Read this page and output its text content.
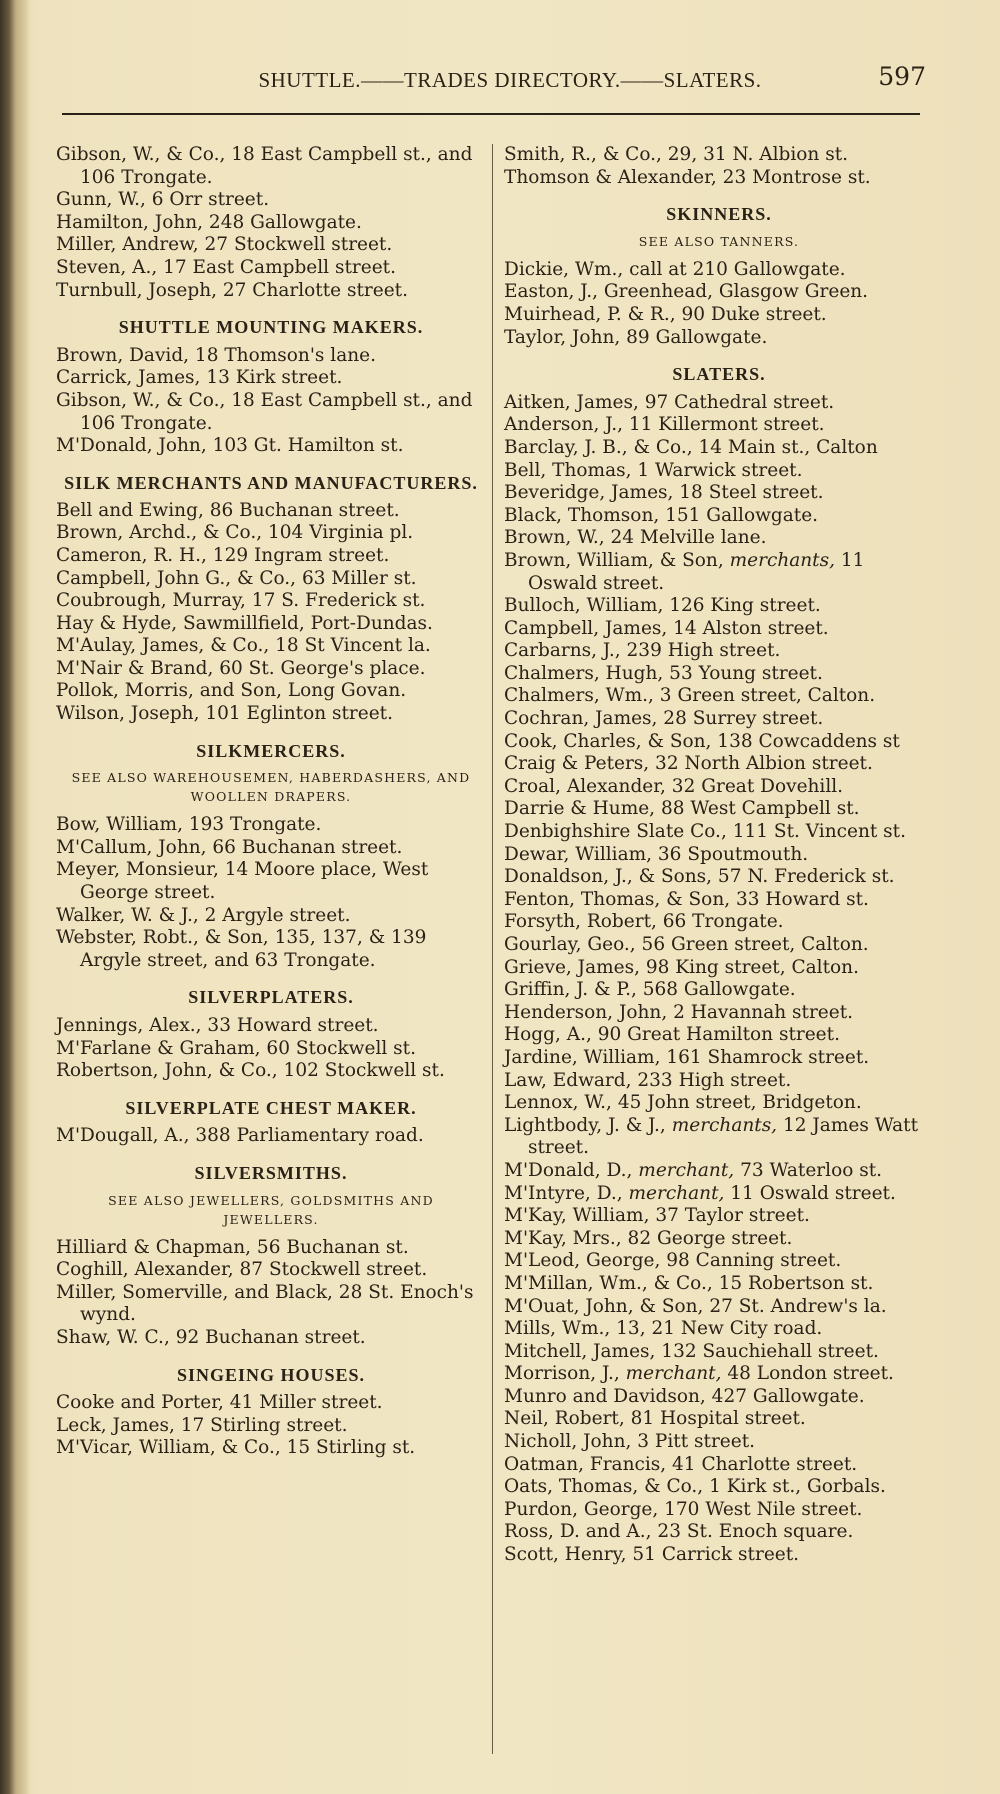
SHUTTLE.——TRADES DIRECTORY.——SLATERS.	597

Gibson, W., & Co., 18 East Campbell st., and 106 Trongate.

Gunn, W., 6 Orr street.

Hamilton, John, 248 Gallowgate.

Miller, Andrew, 27 Stockwell street.

Steven, A., 17 East Campbell street.

Turnbull, Joseph, 27 Charlotte street.

SHUTTLE MOUNTING MAKERS.

Brown, David, 18 Thomson's lane.

Carrick, James, 13 Kirk street.

Gibson, W., & Co., 18 East Campbell st., and 106 Trongate.

M'Donald, John, 103 Gt. Hamilton st.

SILK MERCHANTS AND MANUFACTURERS.

Bell and Ewing, 86 Buchanan street.

Brown, Archd., & Co., 104 Virginia pl.

Cameron, R. H., 129 Ingram street.

Campbell, John G., & Co., 63 Miller st.

Coubrough, Murray, 17 S. Frederick st.

Hay & Hyde, Sawmillfield, Port-Dundas.

M'Aulay, James, & Co., 18 St Vincent la.

M'Nair & Brand, 60 St. George's place.

Pollok, Morris, and Son, Long Govan.

Wilson, Joseph, 101 Eglinton street.

SILKMERCERS.
SEE ALSO WAREHOUSEMEN, HABERDASHERS, AND WOOLLEN DRAPERS.

Bow, William, 193 Trongate.

M'Callum, John, 66 Buchanan street.

Meyer, Monsieur, 14 Moore place, West George street.

Walker, W. & J., 2 Argyle street.

Webster, Robt., & Son, 135, 137, & 139 Argyle street, and 63 Trongate.

SILVERPLATERS.

Jennings, Alex., 33 Howard street.

M'Farlane & Graham, 60 Stockwell st.

Robertson, John, & Co., 102 Stockwell st.

SILVERPLATE CHEST MAKER.

M'Dougall, A., 388 Parliamentary road.

SILVERSMITHS.
SEE ALSO JEWELLERS, GOLDSMITHS AND JEWELLERS.

Hilliard & Chapman, 56 Buchanan st.

Coghill, Alexander, 87 Stockwell street.

Miller, Somerville, and Black, 28 St. Enoch's wynd.

Shaw, W. C., 92 Buchanan street.

SINGEING HOUSES.

Cooke and Porter, 41 Miller street.

Leck, James, 17 Stirling street.

M'Vicar, William, & Co., 15 Stirling st.

Smith, R., & Co., 29, 31 N. Albion st.

Thomson & Alexander, 23 Montrose st.

SKINNERS.
SEE ALSO TANNERS.

Dickie, Wm., call at 210 Gallowgate.

Easton, J., Greenhead, Glasgow Green.

Muirhead, P. & R., 90 Duke street.

Taylor, John, 89 Gallowgate.

SLATERS.

Aitken, James, 97 Cathedral street.

Anderson, J., 11 Killermont street.

Barclay, J. B., & Co., 14 Main st., Calton

Bell, Thomas, 1 Warwick street.

Beveridge, James, 18 Steel street.

Black, Thomson, 151 Gallowgate.

Brown, W., 24 Melville lane.

Brown, William, & Son, merchants, 11 Oswald street.

Bulloch, William, 126 King street.

Campbell, James, 14 Alston street.

Carbarns, J., 239 High street.

Chalmers, Hugh, 53 Young street.

Chalmers, Wm., 3 Green street, Calton.

Cochran, James, 28 Surrey street.

Cook, Charles, & Son, 138 Cowcaddens st

Craig & Peters, 32 North Albion street.

Croal, Alexander, 32 Great Dovehill.

Darrie & Hume, 88 West Campbell st.

Denbighshire Slate Co., 111 St. Vincent st.

Dewar, William, 36 Spoutmouth.

Donaldson, J., & Sons, 57 N. Frederick st.

Fenton, Thomas, & Son, 33 Howard st.

Forsyth, Robert, 66 Trongate.

Gourlay, Geo., 56 Green street, Calton.

Grieve, James, 98 King street, Calton.

Griffin, J. & P., 568 Gallowgate.

Henderson, John, 2 Havannah street.

Hogg, A., 90 Great Hamilton street.

Jardine, William, 161 Shamrock street.

Law, Edward, 233 High street.

Lennox, W., 45 John street, Bridgeton.

Lightbody, J. & J., merchants, 12 James Watt street.

M'Donald, D., merchant, 73 Waterloo st.

M'Intyre, D., merchant, 11 Oswald street.

M'Kay, William, 37 Taylor street.

M'Kay, Mrs., 82 George street.

M'Leod, George, 98 Canning street.

M'Millan, Wm., & Co., 15 Robertson st.

M'Ouat, John, & Son, 27 St. Andrew's la.

Mills, Wm., 13, 21 New City road.

Mitchell, James, 132 Sauchiehall street.

Morrison, J., merchant, 48 London street.

Munro and Davidson, 427 Gallowgate.

Neil, Robert, 81 Hospital street.

Nicholl, John, 3 Pitt street.

Oatman, Francis, 41 Charlotte street.

Oats, Thomas, & Co., 1 Kirk st., Gorbals.

Purdon, George, 170 West Nile street.

Ross, D. and A., 23 St. Enoch square.

Scott, Henry, 51 Carrick street.
